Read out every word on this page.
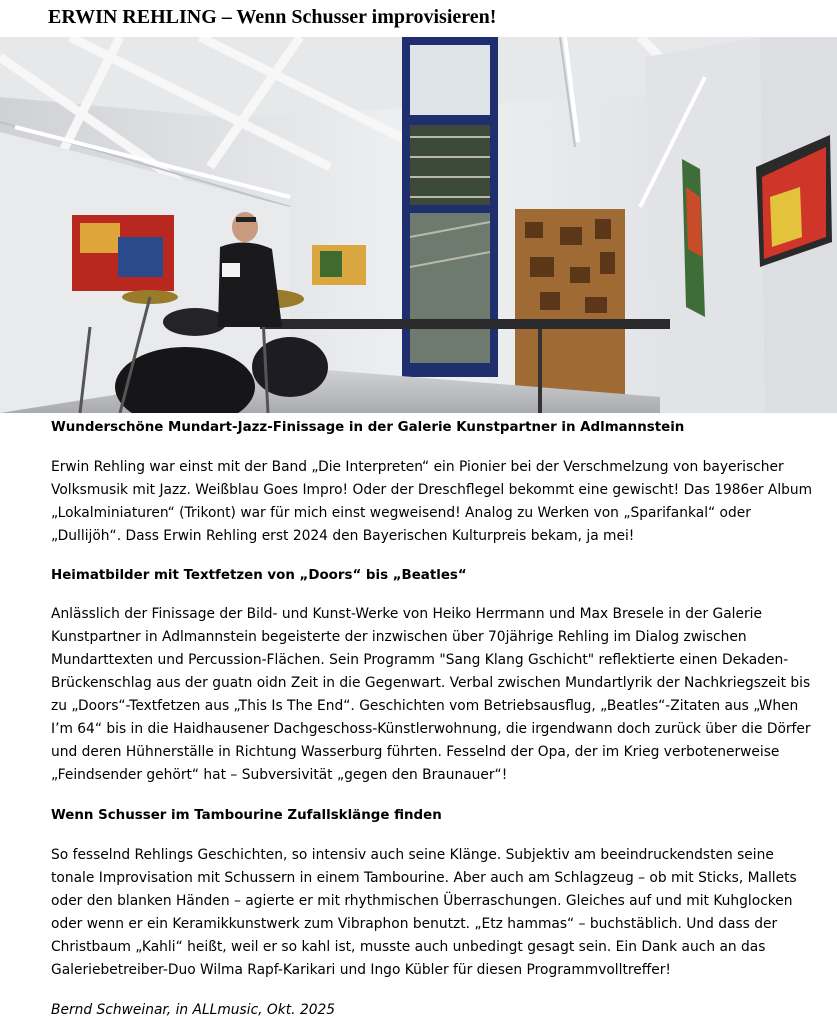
ERWIN REHLING – Wenn Schusser improvisieren!
Wunderschöne Mundart-Jazz-Finissage in der Galerie Kunstpartner in Adlmannstein
Erwin Rehling war einst mit der Band „Die Interpreten“ ein Pionier bei der Verschmelzung von bayerischer Volksmusik mit Jazz. Weißblau Goes Impro! Oder der Dreschflegel bekommt eine gewischt! Das 1986er Album „Lokalminiaturen“ (Trikont) war für mich einst wegweisend! Analog zu Werken von „Sparifankal“ oder „Dullijöh“. Dass Erwin Rehling erst 2024 den Bayerischen Kulturpreis bekam, ja mei!
Heimatbilder mit Textfetzen von „Doors“ bis „Beatles“
Anlässlich der Finissage der Bild- und Kunst-Werke von Heiko Herrmann und Max Bresele in der Galerie Kunstpartner in Adlmannstein begeisterte der inzwischen über 70jährige Rehling im Dialog zwischen Mundarttexten und Percussion-Flächen. Sein Programm "Sang Klang Gschicht" reflektierte einen Dekaden-Brückenschlag aus der guatn oidn Zeit in die Gegenwart. Verbal zwischen Mundartlyrik der Nachkriegszeit bis zu „Doors“-Textfetzen aus „This Is The End“. Geschichten vom Betriebsausflug, „Beatles“-Zitaten aus „When I’m 64“ bis in die Haidhausener Dachgeschoss-Künstlerwohnung, die irgendwann doch zurück über die Dörfer und deren Hühnerställe in Richtung Wasserburg führten. Fesselnd der Opa, der im Krieg verbotenerweise „Feindsender gehört“ hat – Subversivität „gegen den Braunauer“!
Wenn Schusser im Tambourine Zufallsklänge finden
So fesselnd Rehlings Geschichten, so intensiv auch seine Klänge. Subjektiv am beeindruckendsten seine tonale Improvisation mit Schussern in einem Tambourine. Aber auch am Schlagzeug – ob mit Sticks, Mallets oder den blanken Händen – agierte er mit rhythmischen Überraschungen. Gleiches auf und mit Kuhglocken oder wenn er ein Keramikkunstwerk zum Vibraphon benutzt. „Etz hammas“ – buchstäblich. Und dass der Christbaum „Kahli“ heißt, weil er so kahl ist, musste auch unbedingt gesagt sein. Ein Dank auch an das Galeriebetreiber-Duo Wilma Rapf-Karikari und Ingo Kübler für diesen Programmvolltreffer!
Bernd Schweinar, in ALLmusic, Okt. 2025
